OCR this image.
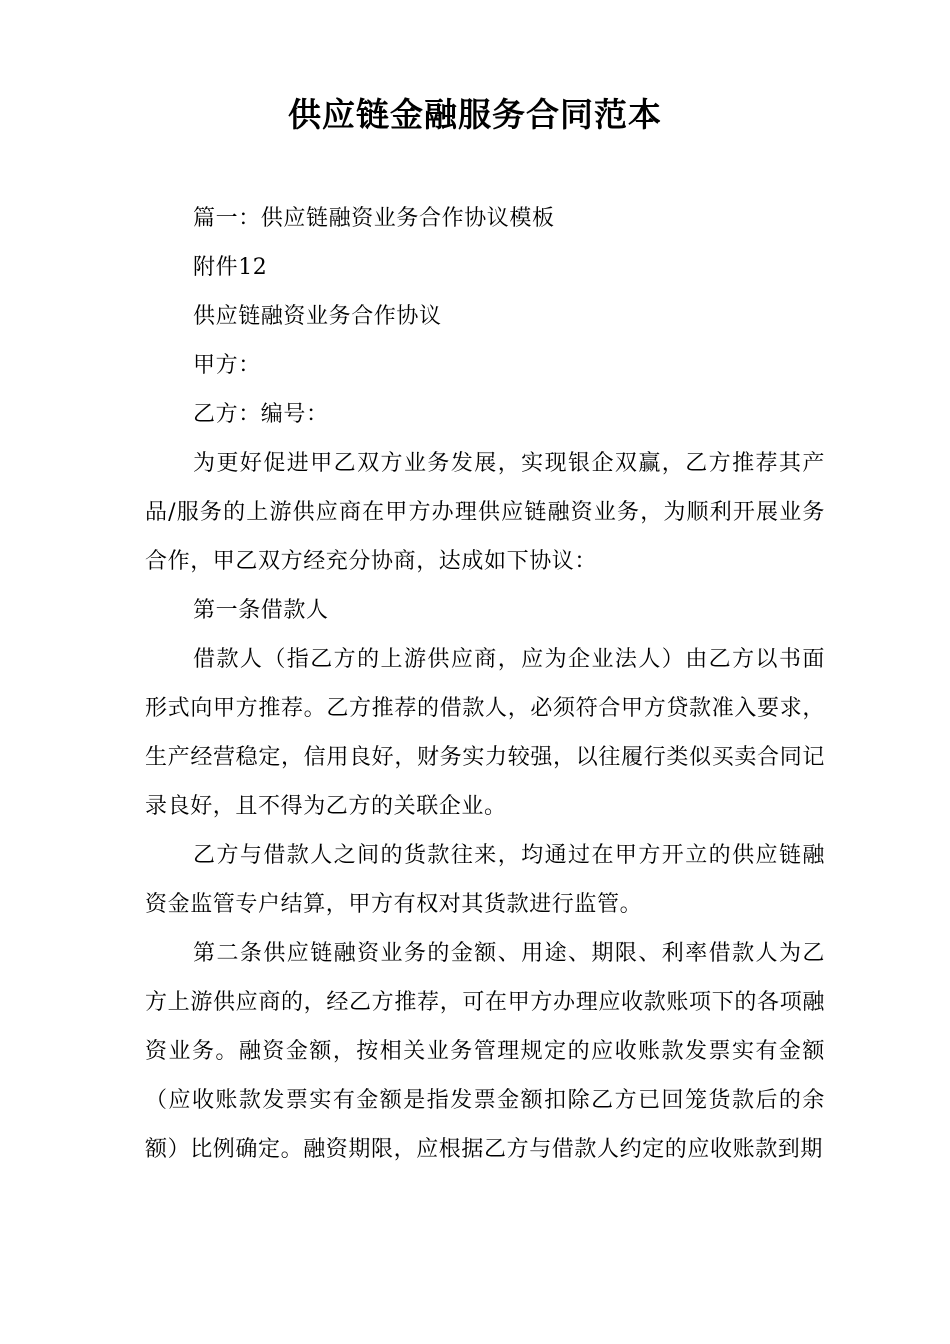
供应链金融服务合同范本

篇一：供应链融资业务合作协议模板

附件12

供应链融资业务合作协议

甲方：

乙方：编号：

为更好促进甲乙双方业务发展，实现银企双赢，乙方推荐其产品/服务的上游供应商在甲方办理供应链融资业务，为顺利开展业务合作，甲乙双方经充分协商，达成如下协议：

第一条借款人

借款人（指乙方的上游供应商，应为企业法人）由乙方以书面形式向甲方推荐。乙方推荐的借款人，必须符合甲方贷款准入要求，生产经营稳定，信用良好，财务实力较强，以往履行类似买卖合同记录良好，且不得为乙方的关联企业。

乙方与借款人之间的货款往来，均通过在甲方开立的供应链融资金监管专户结算，甲方有权对其货款进行监管。

第二条供应链融资业务的金额、用途、期限、利率借款人为乙方上游供应商的，经乙方推荐，可在甲方办理应收款账项下的各项融资业务。融资金额，按相关业务管理规定的应收账款发票实有金额（应收账款发票实有金额是指发票金额扣除乙方已回笼货款后的余额）比例确定。融资期限，应根据乙方与借款人约定的应收账款到期
